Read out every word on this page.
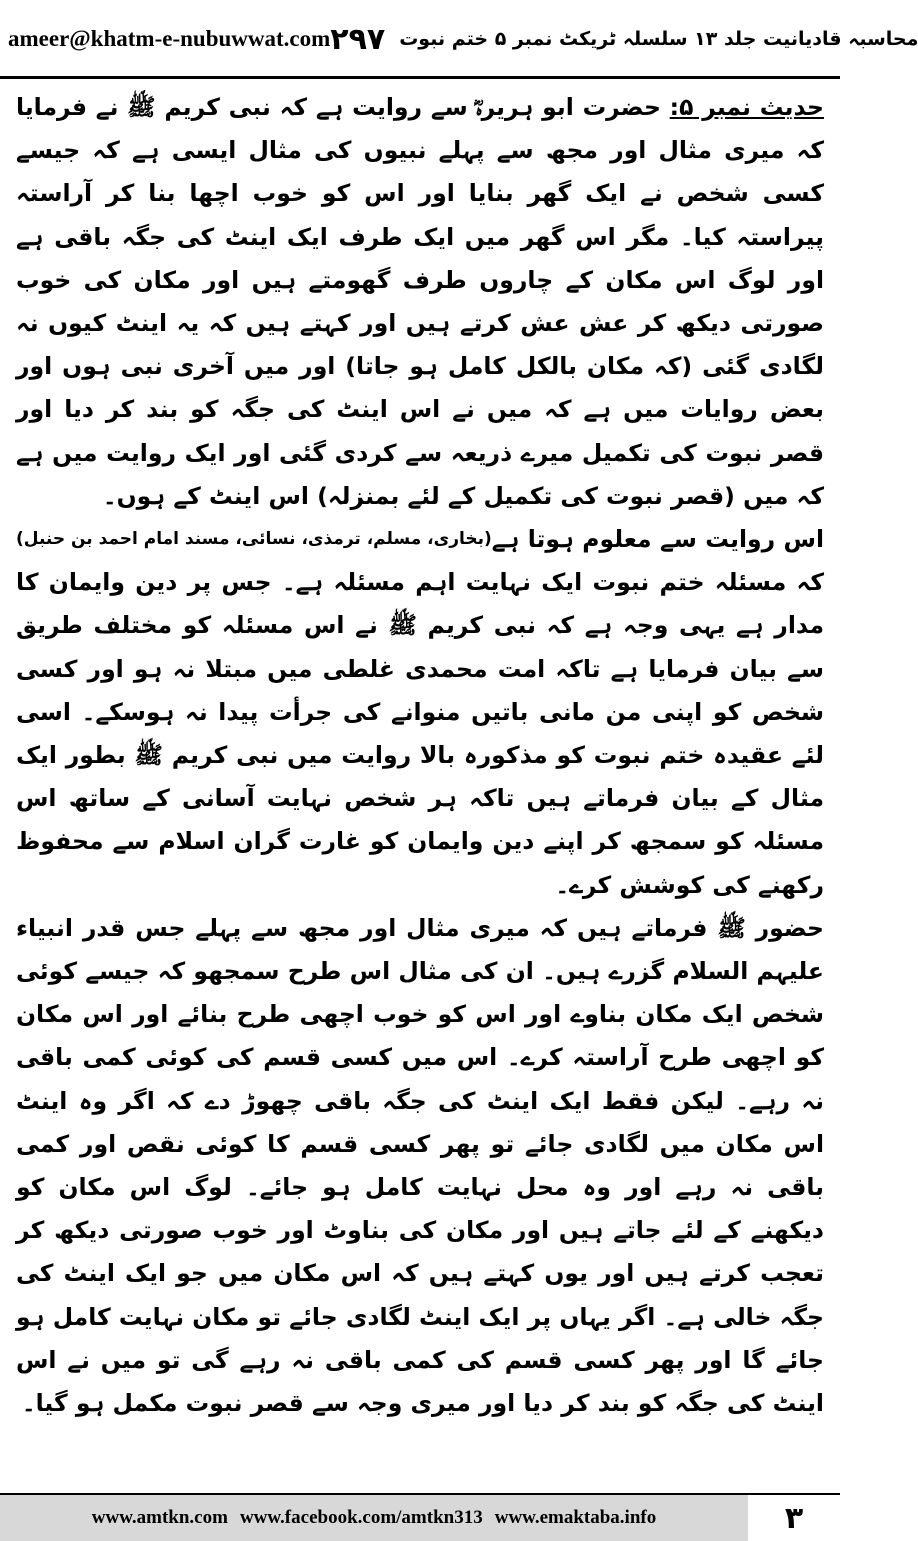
ameer@khatm-e-nubuwwat.com	محاسبہ قادیانیت جلد ۱۳ سلسلہ ٹریکٹ نمبر ۵ ختم نبوت
۲۹۷

حدیث نمبر ۵: حضرت ابو ہریرہؓ سے روایت ہے کہ نبی کریم ﷺ نے فرمایا کہ میری مثال اور مجھ سے پہلے نبیوں کی مثال ایسی ہے کہ جیسے کسی شخص نے ایک گھر بنایا اور اس کو خوب اچھا بنا کر آراستہ پیراستہ کیا۔ مگر اس گھر میں ایک طرف ایک اینٹ کی جگہ باقی ہے اور لوگ اس مکان کے چاروں طرف گھومتے ہیں اور مکان کی خوب صورتی دیکھ کر عش عش کرتے ہیں اور کہتے ہیں کہ یہ اینٹ کیوں نہ لگادی گئی (کہ مکان بالکل کامل ہو جاتا) اور میں آخری نبی ہوں اور بعض روایات میں ہے کہ میں نے اس اینٹ کی جگہ کو بند کر دیا اور قصر نبوت کی تکمیل میرے ذریعہ سے کردی گئی اور ایک روایت میں ہے کہ میں (قصر نبوت کی تکمیل کے لئے بمنزلہ) اس اینٹ کے ہوں۔
(بخاری، مسلم، ترمذی، نسائی، مسند امام احمد بن حنبل) اس روایت سے معلوم ہوتا ہے کہ مسئلہ ختم نبوت ایک نہایت اہم مسئلہ ہے۔ جس پر دین وایمان کا مدار ہے یہی وجہ ہے کہ نبی کریم ﷺ نے اس مسئلہ کو مختلف طریق سے بیان فرمایا ہے تاکہ امت محمدی غلطی میں مبتلا نہ ہو اور کسی شخص کو اپنی من مانی باتیں منوانے کی جرأت پیدا نہ ہوسکے۔ اسی لئے عقیدہ ختم نبوت کو مذکورہ بالا روایت میں نبی کریم ﷺ بطور ایک مثال کے بیان فرماتے ہیں تاکہ ہر شخص نہایت آسانی کے ساتھ اس مسئلہ کو سمجھ کر اپنے دین وایمان کو غارت گران اسلام سے محفوظ رکھنے کی کوشش کرے۔

حضور ﷺ فرماتے ہیں کہ میری مثال اور مجھ سے پہلے جس قدر انبیاء علیہم السلام گزرے ہیں۔ ان کی مثال اس طرح سمجھو کہ جیسے کوئی شخص ایک مکان بناوے اور اس کو خوب اچھی طرح بنائے اور اس مکان کو اچھی طرح آراستہ کرے۔ اس میں کسی قسم کی کوئی کمی باقی نہ رہے۔ لیکن فقط ایک اینٹ کی جگہ باقی چھوڑ دے کہ اگر وہ اینٹ اس مکان میں لگادی جائے تو پھر کسی قسم کا کوئی نقص اور کمی باقی نہ رہے اور وہ محل نہایت کامل ہو جائے۔ لوگ اس مکان کو دیکھنے کے لئے جاتے ہیں اور مکان کی بناوٹ اور خوب صورتی دیکھ کر تعجب کرتے ہیں اور یوں کہتے ہیں کہ اس مکان میں جو ایک اینٹ کی جگہ خالی ہے۔ اگر یہاں پر ایک اینٹ لگادی جائے تو مکان نہایت کامل ہو جائے گا اور پھر کسی قسم کی کمی باقی نہ رہے گی تو میں نے اس اینٹ کی جگہ کو بند کر دیا اور میری وجہ سے قصر نبوت مکمل ہو گیا۔

www.amtkn.com www.facebook.com/amtkn313 www.emaktaba.info	۳
